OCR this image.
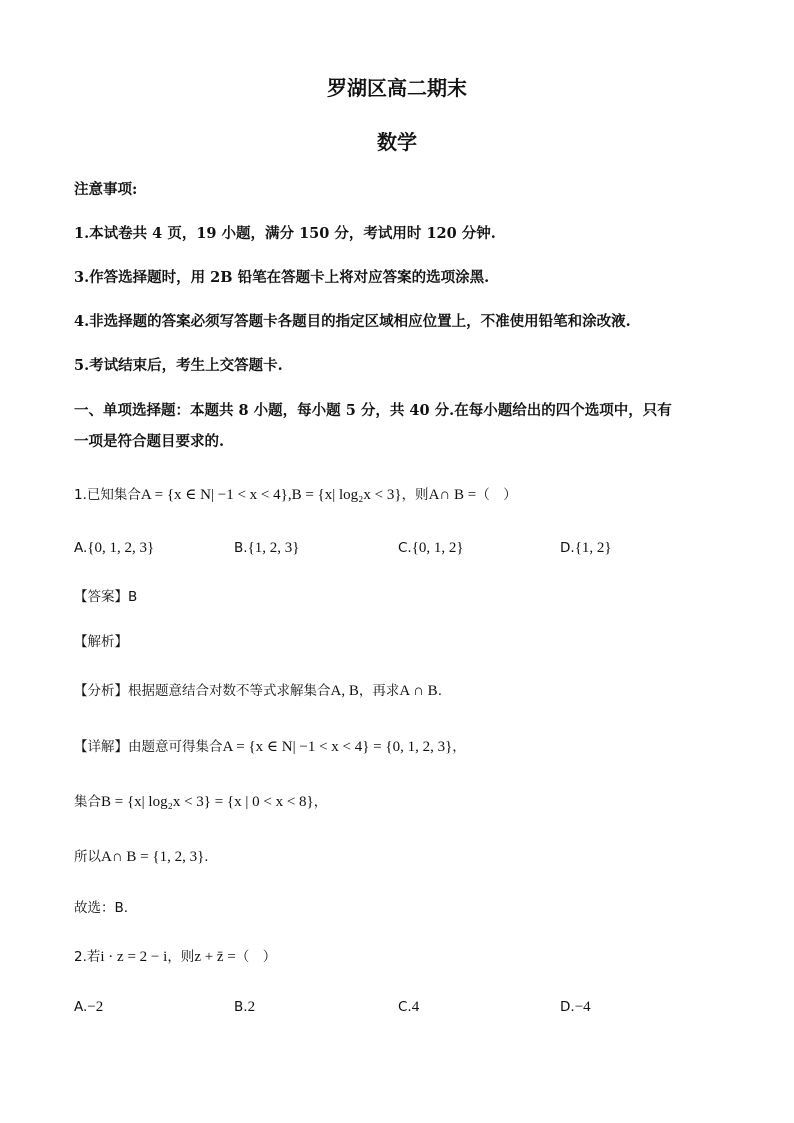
罗湖区高二期末
数学
注意事项:
1.本试卷共 4 页，19 小题，满分 150 分，考试用时 120 分钟.
3.作答选择题时，用 2B 铅笔在答题卡上将对应答案的选项涂黑.
4.非选择题的答案必须写答题卡各题目的指定区域相应位置上，不准使用铅笔和涂改液.
5.考试结束后，考生上交答题卡.
一、单项选择题：本题共 8 小题，每小题 5 分，共 40 分.在每小题给出的四个选项中，只有
一项是符合题目要求的.
1.已知集合A = {x ∈ N| −1 < x < 4},B = {x| log₂x < 3}，则A∩ B =（　）
A.{0, 1, 2, 3}	B.{1, 2, 3}	C.{0, 1, 2}	D.{1, 2}
【答案】B
【解析】
【分析】根据题意结合对数不等式求解集合A, B，再求A ∩ B.
【详解】由题意可得集合A = {x ∈ N| −1 < x < 4} = {0, 1, 2, 3}，
集合B = {x| log₂x < 3} = {x | 0 < x < 8}，
所以A∩ B = {1, 2, 3}.
故选：B.
2.若i · z = 2 − i，则z + z̄ =（　）
A.−2	B.2	C.4	D.−4
